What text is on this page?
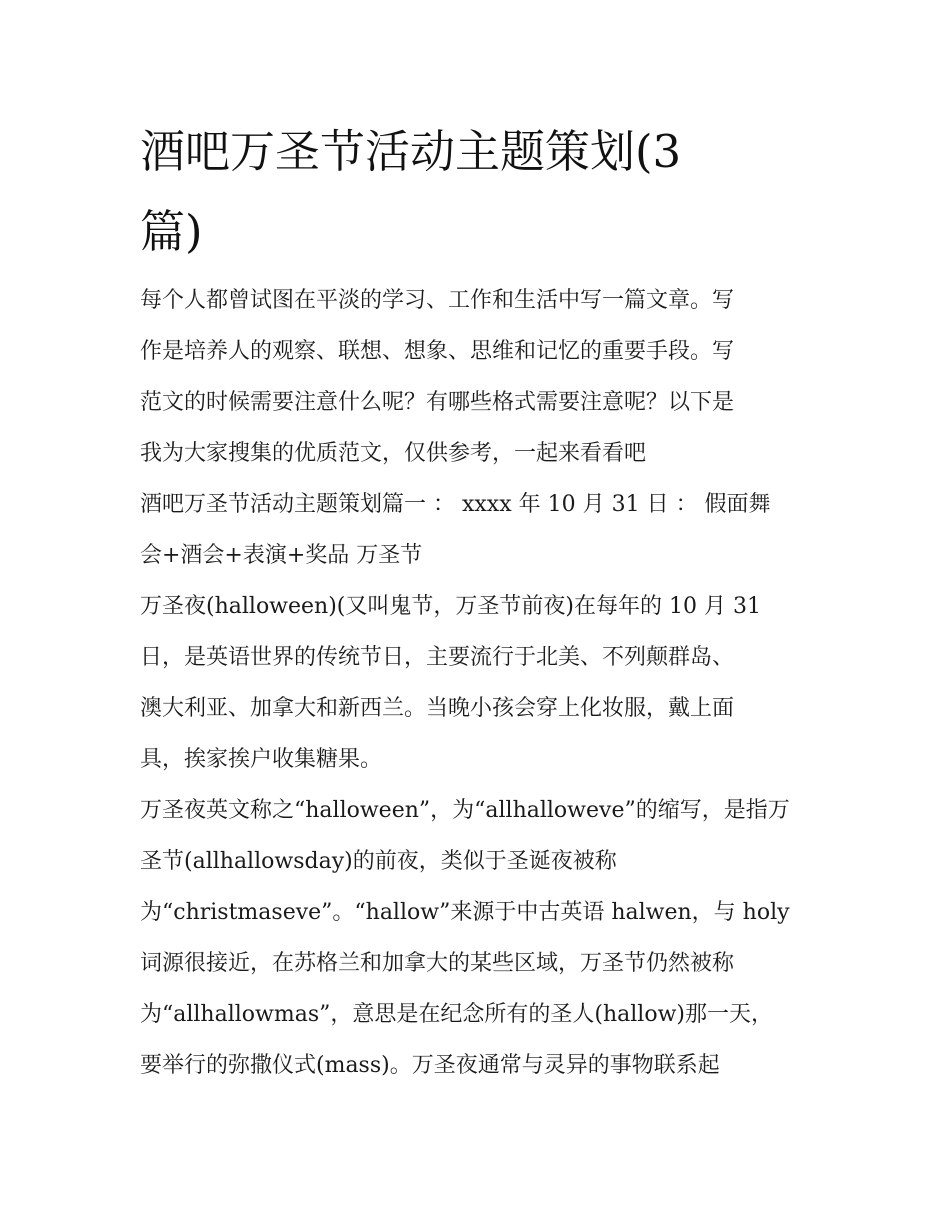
酒吧万圣节活动主题策划(3
篇)
每个人都曾试图在平淡的学习、工作和生活中写一篇文章。写
作是培养人的观察、联想、想象、思维和记忆的重要手段。写
范文的时候需要注意什么呢？有哪些格式需要注意呢？以下是
我为大家搜集的优质范文，仅供参考，一起来看看吧
酒吧万圣节活动主题策划篇一 ： xxxx 年 10 月 31 日 ： 假面舞
会+酒会+表演+奖品 万圣节
万圣夜(halloween)(又叫鬼节，万圣节前夜)在每年的 10 月 31
日，是英语世界的传统节日，主要流行于北美、不列颠群岛、
澳大利亚、加拿大和新西兰。当晚小孩会穿上化妆服，戴上面
具，挨家挨户收集糖果。
万圣夜英文称之“halloween”，为“allhalloweve”的缩写，是指万
圣节(allhallowsday)的前夜，类似于圣诞夜被称
为“christmaseve”。“hallow”来源于中古英语 halwen，与 holy
词源很接近，在苏格兰和加拿大的某些区域，万圣节仍然被称
为“allhallowmas”，意思是在纪念所有的圣人(hallow)那一天，
要举行的弥撒仪式(mass)。万圣夜通常与灵异的事物联系起
